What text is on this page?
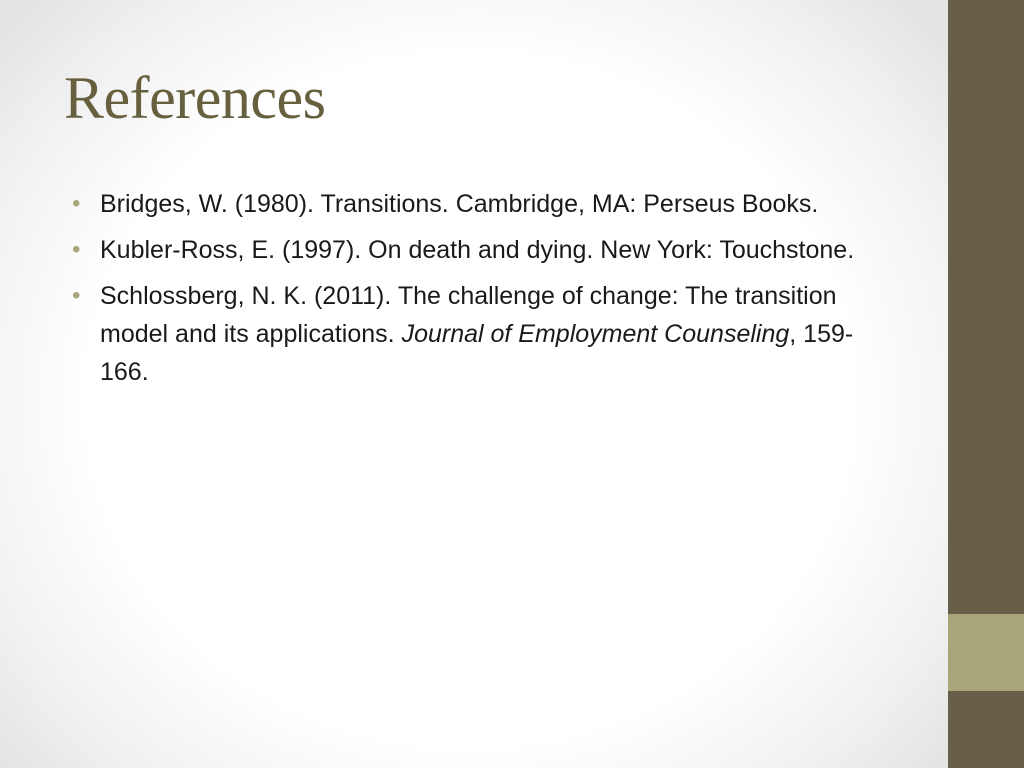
References
• Bridges, W. (1980). Transitions. Cambridge, MA: Perseus Books.
• Kubler-Ross, E. (1997). On death and dying. New York: Touchstone.
• Schlossberg, N. K. (2011). The challenge of change: The transition model and its applications. Journal of Employment Counseling, 159-166.
